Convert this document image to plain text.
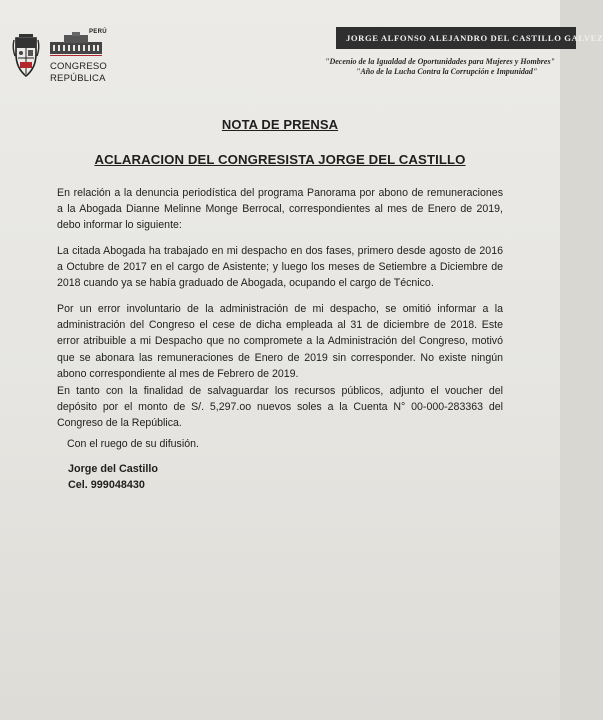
PERÚ
CONGRESO
REPÚBLICA
JORGE ALFONSO ALEJANDRO DEL CASTILLO GALVEZ
"Decenio de la Igualdad de Oportunidades para Mujeres y Hombres"
"Año de la Lucha Contra la Corrupción e Impunidad"
NOTA DE PRENSA
ACLARACION DEL CONGRESISTA JORGE DEL CASTILLO

En relación a la denuncia periodística del programa Panorama por abono de remuneraciones a la Abogada Dianne Melinne Monge Berrocal, correspondientes al mes de Enero de 2019, debo informar lo siguiente:

La citada Abogada ha trabajado en mi despacho en dos fases, primero desde agosto de 2016 a Octubre de 2017 en el cargo de Asistente; y luego los meses de Setiembre a Diciembre de 2018 cuando ya se había graduado de Abogada, ocupando el cargo de Técnico.

Por un error involuntario de la administración de mi despacho, se omitió informar a la administración del Congreso el cese de dicha empleada al 31 de diciembre de 2018. Este error atribuible a mi Despacho que no compromete a la Administración del Congreso, motivó que se abonara las remuneraciones de Enero de 2019 sin corresponder. No existe ningún abono correspondiente al mes de Febrero de 2019.

En tanto con la finalidad de salvaguardar los recursos públicos, adjunto el voucher del depósito por el monto de S/. 5,297.oo nuevos soles a la Cuenta N° 00-000-283363 del Congreso de la República.

Con el ruego de su difusión.

Jorge del Castillo
Cel. 999048430
